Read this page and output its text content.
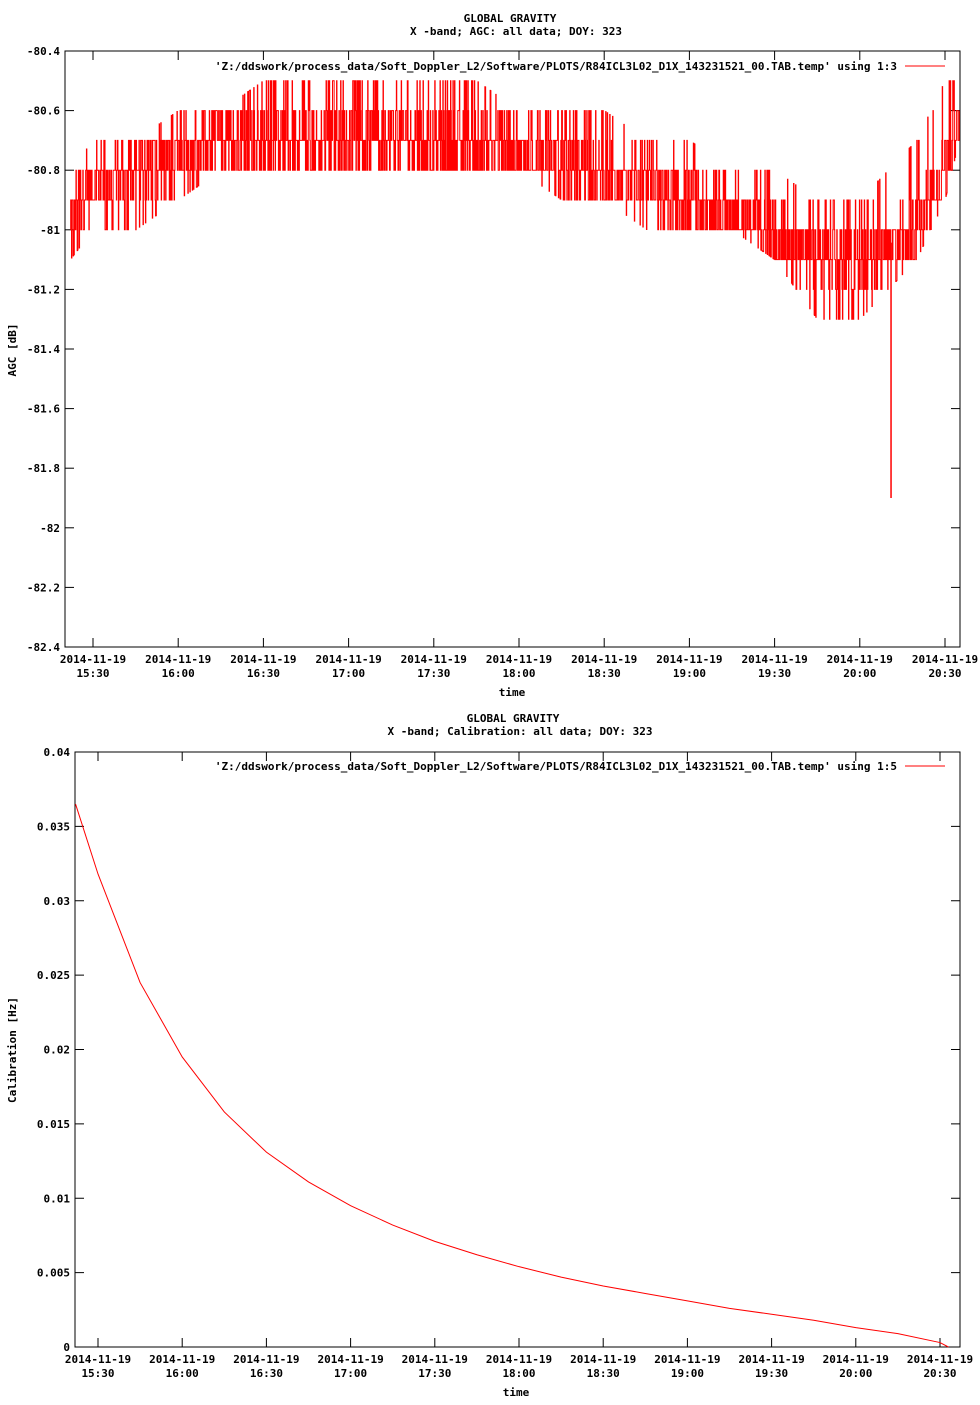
GLOBAL GRAVITY
X -band; AGC: all data; DOY: 323
time
AGC [dB]
'Z:/ddswork/process_data/Soft_Doppler_L2/Software/PLOTS/R84ICL3L02_D1X_143231521_00.TAB.temp' using 1:3
GLOBAL GRAVITY
X -band; Calibration: all data; DOY: 323
time
Calibration [Hz]
'Z:/ddswork/process_data/Soft_Doppler_L2/Software/PLOTS/R84ICL3L02_D1X_143231521_00.TAB.temp' using 1:5
-80.4
-80.6
-80.8
-81
-81.2
-81.4
-81.6
-81.8
-82
-82.2
-82.4
2014-11-19
15:30
2014-11-19
16:00
2014-11-19
16:30
2014-11-19
17:00
2014-11-19
17:30
2014-11-19
18:00
2014-11-19
18:30
2014-11-19
19:00
2014-11-19
19:30
2014-11-19
20:00
2014-11-19
20:30
0
0.005
0.01
0.015
0.02
0.025
0.03
0.035
0.04
2014-11-19
15:30
2014-11-19
16:00
2014-11-19
16:30
2014-11-19
17:00
2014-11-19
17:30
2014-11-19
18:00
2014-11-19
18:30
2014-11-19
19:00
2014-11-19
19:30
2014-11-19
20:00
2014-11-19
20:30
